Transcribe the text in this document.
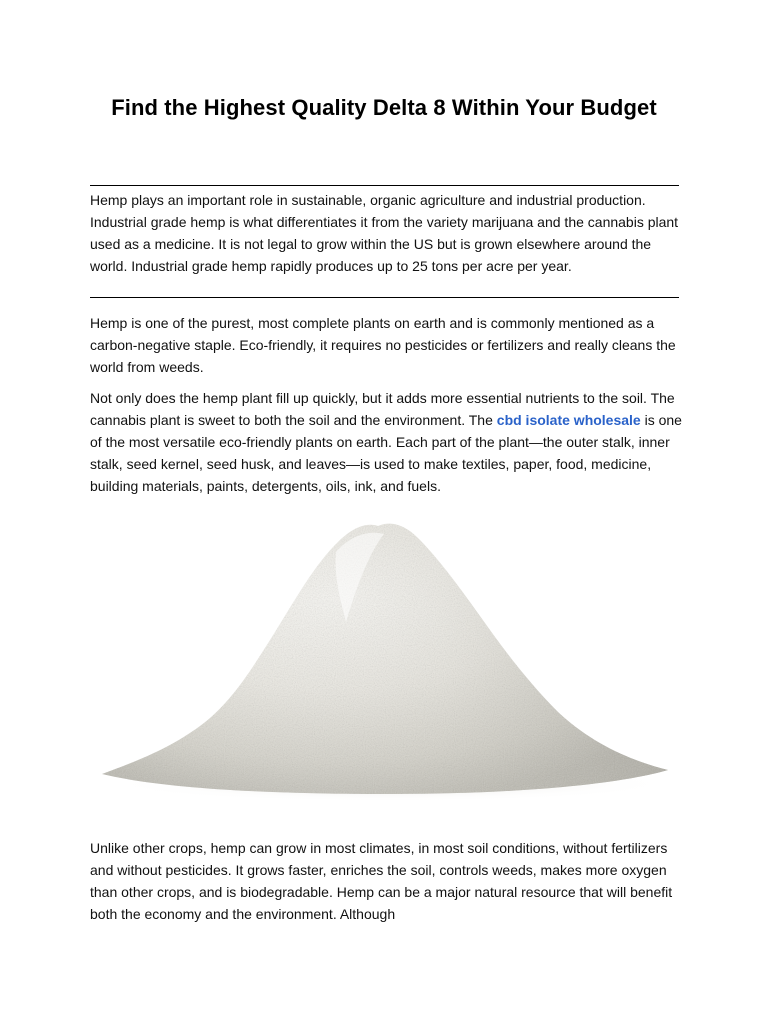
Find the Highest Quality Delta 8 Within Your Budget

Hemp plays an important role in sustainable, organic agriculture and industrial production. Industrial grade hemp is what differentiates it from the variety marijuana and the cannabis plant used as a medicine. It is not legal to grow within the US but is grown elsewhere around the world. Industrial grade hemp rapidly produces up to 25 tons per acre per year.

Hemp is one of the purest, most complete plants on earth and is commonly mentioned as a carbon-negative staple. Eco-friendly, it requires no pesticides or fertilizers and really cleans the world from weeds.

Not only does the hemp plant fill up quickly, but it adds more essential nutrients to the soil. The cannabis plant is sweet to both the soil and the environment. The cbd isolate wholesale is one of the most versatile eco-friendly plants on earth. Each part of the plant—the outer stalk, inner stalk, seed kernel, seed husk, and leaves—is used to make textiles, paper, food, medicine, building materials, paints, detergents, oils, ink, and fuels.

Unlike other crops, hemp can grow in most climates, in most soil conditions, without fertilizers and without pesticides. It grows faster, enriches the soil, controls weeds, makes more oxygen than other crops, and is biodegradable. Hemp can be a major natural resource that will benefit both the economy and the environment. Although
